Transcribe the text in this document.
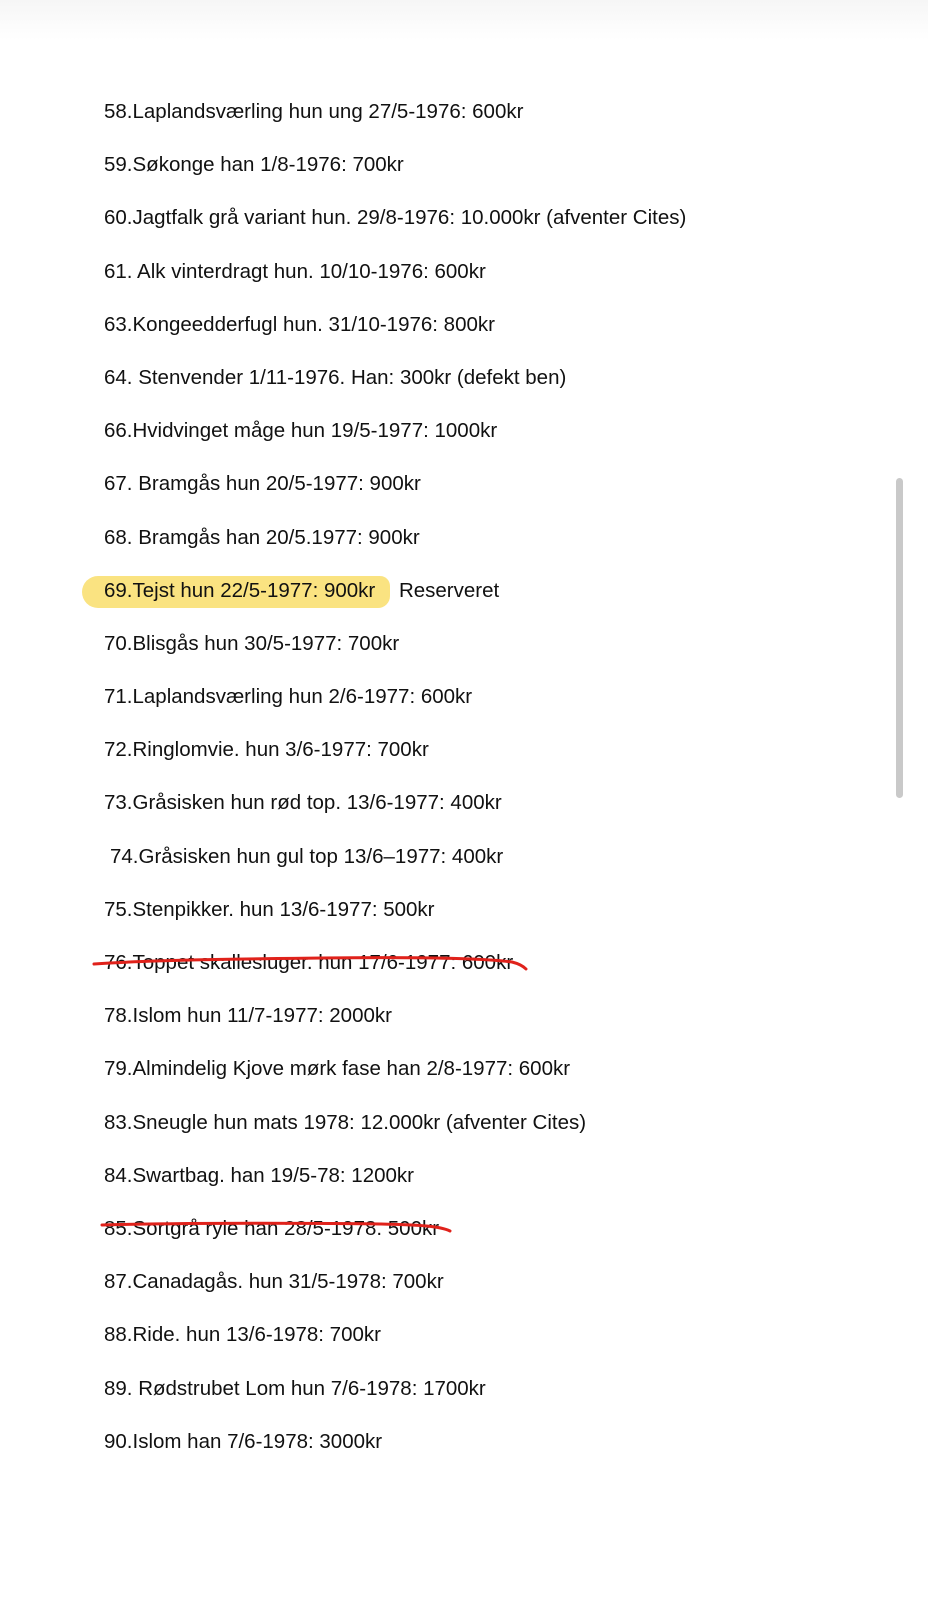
58.Laplandsværling hun ung 27/5-1976: 600kr
59.Søkonge han 1/8-1976: 700kr
60.Jagtfalk grå variant hun. 29/8-1976: 10.000kr (afventer Cites)
61. Alk vinterdragt hun. 10/10-1976: 600kr
63.Kongeedderfugl hun. 31/10-1976: 800kr
64. Stenvender 1/11-1976. Han: 300kr (defekt ben)
66.Hvidvinget måge hun 19/5-1977: 1000kr
67. Bramgås hun 20/5-1977: 900kr
68. Bramgås han 20/5.1977: 900kr
69.Tejst hun 22/5-1977: 900kr Reserveret
70.Blisgås hun 30/5-1977: 700kr
71.Laplandsværling hun 2/6-1977: 600kr
72.Ringlomvie. hun 3/6-1977: 700kr
73.Gråsisken hun rød top. 13/6-1977: 400kr
74.Gråsisken hun gul top 13/6–1977: 400kr
75.Stenpikker. hun 13/6-1977: 500kr
76.Toppet skallesluger. hun 17/6-1977: 600kr
78.Islom hun 11/7-1977: 2000kr
79.Almindelig Kjove mørk fase han 2/8-1977: 600kr
83.Sneugle hun mats 1978: 12.000kr (afventer Cites)
84.Swartbag. han 19/5-78: 1200kr
85.Sortgrå ryle han 28/5-1978. 500kr
87.Canadagås. hun 31/5-1978: 700kr
88.Ride. hun 13/6-1978: 700kr
89. Rødstrubet Lom hun 7/6-1978: 1700kr
90.Islom han 7/6-1978: 3000kr
